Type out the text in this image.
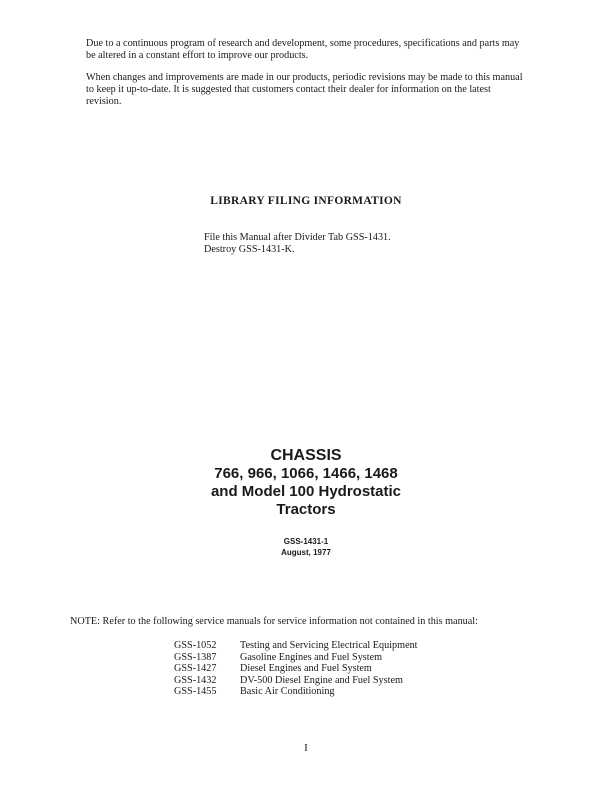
Due to a continuous program of research and development, some procedures, specifications and parts may be altered in a constant effort to improve our products.

When changes and improvements are made in our products, periodic revisions may be made to this manual to keep it up-to-date. It is suggested that customers contact their dealer for information on the latest revision.

LIBRARY FILING INFORMATION
File this Manual after Divider Tab GSS-1431.
Destroy GSS-1431-K.
CHASSIS
766, 966, 1066, 1466, 1468
and Model 100 Hydrostatic
Tractors
GSS-1431-1
August, 1977
NOTE: Refer to the following service manuals for service information not contained in this manual:
GSS-1052	Testing and Servicing Electrical Equipment
GSS-1387	Gasoline Engines and Fuel System
GSS-1427	Diesel Engines and Fuel System
GSS-1432	DV-500 Diesel Engine and Fuel System
GSS-1455	Basic Air Conditioning
I
